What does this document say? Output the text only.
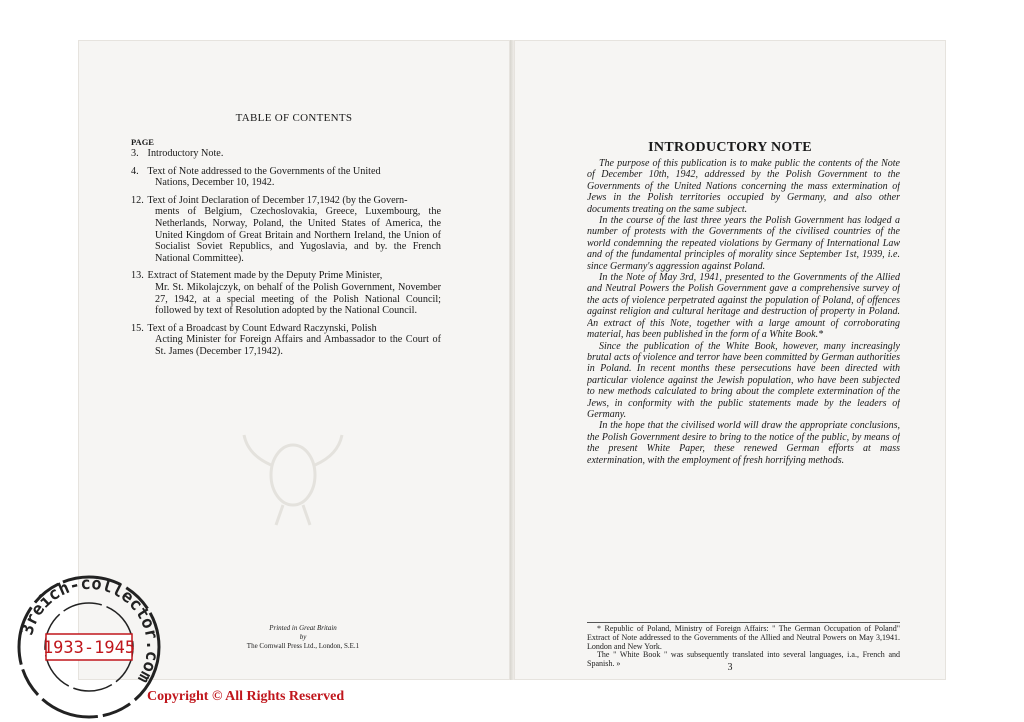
TABLE OF CONTENTS
PAGE
3. Introductory Note.
4. Text of Note addressed to the Governments of the United
Nations, December 10, 1942.
12. Text of Joint Declaration of December 17,1942 (by the Govern-
ments of Belgium, Czechoslovakia, Greece, Luxembourg, the Netherlands, Norway, Poland, the United States of America, the United Kingdom of Great Britain and Northern Ireland, the Union of Socialist Soviet Republics, and Yugoslavia, and by. the French National Committee).
13. Extract of Statement made by the Deputy Prime Minister,
Mr. St. Mikolajczyk, on behalf of the Polish Government, November 27, 1942, at a special meeting of the Polish National Council; followed by text of Resolution adopted by the National Council.
15. Text of a Broadcast by Count Edward Raczynski, Polish
Acting Minister for Foreign Affairs and Ambassador to the Court of St. James (December 17,1942).
Printed in Great Britain
by
The Cornwall Press Ltd., London, S.E.1

INTRODUCTORY NOTE

The purpose of this publication is to make public the contents of the Note of December 10th, 1942, addressed by the Polish Government to the Governments of the United Nations concerning the mass extermination of Jews in the Polish territories occupied by Germany, and also other documents treating on the same subject.

In the course of the last three years the Polish Government has lodged a number of protests with the Governments of the civilised countries of the world condemning the repeated violations by Germany of International Law and of the fundamental principles of morality since September 1st, 1939, i.e. since Germany's aggression against Poland.

In the Note of May 3rd, 1941, presented to the Governments of the Allied and Neutral Powers the Polish Government gave a comprehensive survey of the acts of violence perpetrated against the population of Poland, of offences against religion and cultural heritage and destruction of property in Poland. An extract of this Note, together with a large amount of corroborating material, has been published in the form of a White Book.*

Since the publication of the White Book, however, many increasingly brutal acts of violence and terror have been committed by German authorities in Poland. In recent months these persecutions have been directed with particular violence against the Jewish population, who have been subjected to new methods calculated to bring about the complete extermination of the Jews, in conformity with the public statements made by the leaders of Germany.

In the hope that the civilised world will draw the appropriate conclusions, the Polish Government desire to bring to the notice of the public, by means of the present White Paper, these renewed German efforts at mass extermination, with the employment of fresh horrifying methods.

* Republic of Poland, Ministry of Foreign Affairs: " The German Occupation of Poland" Extract of Note addressed to the Governments of the Allied and Neutral Powers on May 3,1941. London and New York.

The " White Book " was subsequently translated into several languages, i.a., French and Spanish. »	3
3reich-collector.com
1933-1945
Copyright © All Rights Reserved
